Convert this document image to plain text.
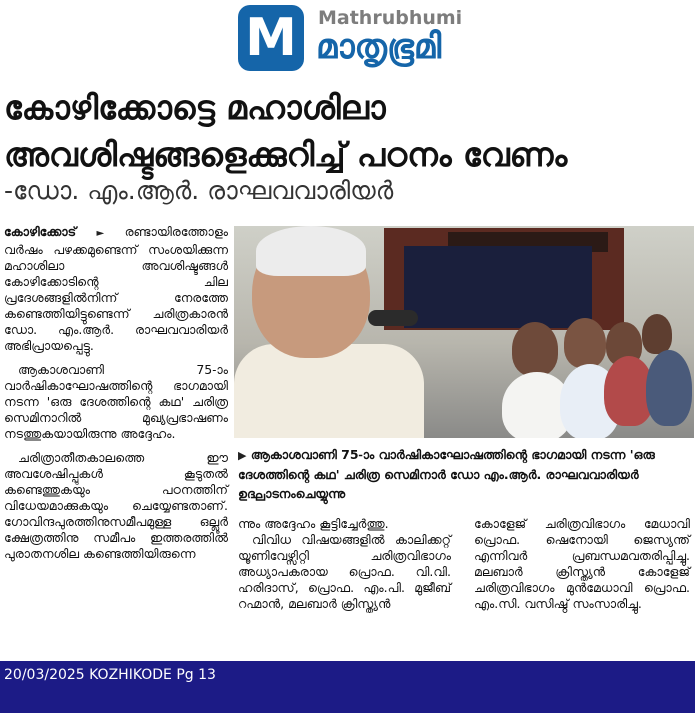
M	Mathrubhumi
മാതൃഭൂമി
കോഴിക്കോട്ടെ മഹാശിലാ അവശിഷ്ടങ്ങളെക്കുറിച്ച് പഠനം വേണം
-ഡോ. എം.ആർ. രാഘവവാരിയർ

കോഴിക്കോട് ► രണ്ടായിരത്തോളം വർഷം പഴക്കമുണ്ടെന്ന് സംശയിക്കുന്ന മഹാശിലാ അവശിഷ്ടങ്ങൾ കോഴിക്കോടിന്റെ ചില പ്രദേശങ്ങളിൽനിന്ന് നേരത്തേ കണ്ടെത്തിയിട്ടുണ്ടെന്ന് ചരിത്രകാരൻ ഡോ. എം.ആർ. രാഘവവാരിയർ അഭിപ്രായപ്പെട്ടു.

ആകാശവാണി 75-ാം വാർഷികാഘോഷത്തിന്റെ ഭാഗമായി നടന്ന 'ഒരു ദേശത്തിന്റെ കഥ' ചരിത്ര സെമിനാറിൽ മുഖ്യപ്രഭാഷണം നടത്തുകയായിരുന്നു അദ്ദേഹം.

ചരിത്രാതീതകാലത്തെ ഈ അവശേഷിപ്പുകൾ കൂടുതൽ കണ്ടെത്തുകയും പഠനത്തിന് വിധേയമാക്കുകയും ചെയ്യേണ്ടതാണ്. ഗോവിന്ദപുരത്തിനുസമീപമുള്ള ഒല്ലൂർ ക്ഷേത്രത്തിനു സമീപം ഇത്തരത്തിൽ പുരാതനശില കണ്ടെത്തിയിരുന്നെ

▶ ആകാശവാണി 75-ാം വാർഷികാഘോഷത്തിന്റെ ഭാഗമായി നടന്ന 'ഒരു ദേശത്തിന്റെ കഥ' ചരിത്ര സെമിനാർ ഡോ എം.ആർ. രാഘവവാരിയർ ഉദ്ഘാടനംചെയ്യുന്നു

ന്നും അദ്ദേഹം കൂട്ടിച്ചേർത്തു.

വിവിധ വിഷയങ്ങളിൽ കാലിക്കറ്റ് യൂണിവേഴ്സിറ്റി ചരിത്രവിഭാഗം അധ്യാപകരായ പ്രൊഫ. വി.വി. ഹരിദാസ്, പ്രൊഫ. എം.പി. മുജീബ് റഹ്മാൻ, മലബാർ ക്രിസ്ത്യൻ

കോളേജ് ചരിത്രവിഭാഗം മേധാവി പ്രൊഫ. ഷെനോയി ജെസ്യന്ത് എന്നിവർ പ്രബന്ധമവതരിപ്പിച്ചു. മലബാർ ക്രിസ്ത്യൻ കോളേജ് ചരിത്രവിഭാഗം മുൻമേധാവി പ്രൊഫ. എം.സി. വസിഷ്ഠ് സംസാരിച്ചു.

20/03/2025 KOZHIKODE Pg 13
